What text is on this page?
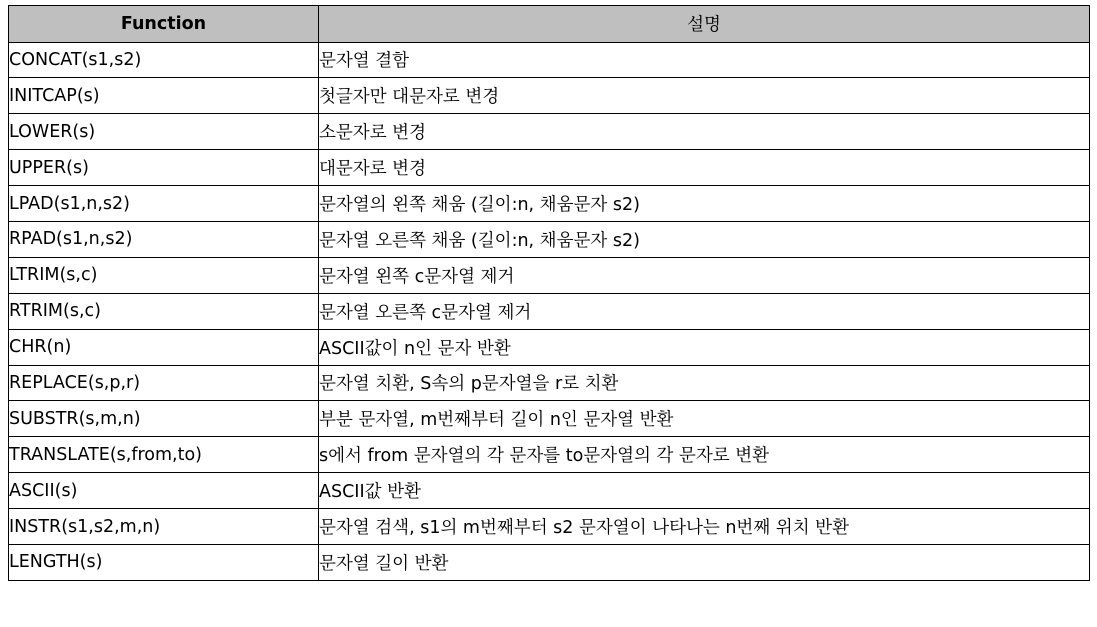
Function	설명
CONCAT(s1,s2)	문자열 결함
INITCAP(s)	첫글자만 대문자로 변경
LOWER(s)	소문자로 변경
UPPER(s)	대문자로 변경
LPAD(s1,n,s2)	문자열의 왼쪽 채움 (길이:n, 채움문자 s2)
RPAD(s1,n,s2)	문자열 오른쪽 채움 (길이:n, 채움문자 s2)
LTRIM(s,c)	문자열 왼쪽 c문자열 제거
RTRIM(s,c)	문자열 오른쪽 c문자열 제거
CHR(n)	ASCII값이 n인 문자 반환
REPLACE(s,p,r)	문자열 치환, S속의 p문자열을 r로 치환
SUBSTR(s,m,n)	부분 문자열, m번째부터 길이 n인 문자열 반환
TRANSLATE(s,from,to)	s에서 from 문자열의 각 문자를 to문자열의 각 문자로 변환
ASCII(s)	ASCII값 반환
INSTR(s1,s2,m,n)	문자열 검색, s1의 m번째부터 s2 문자열이 나타나는 n번째 위치 반환
LENGTH(s)	문자열 길이 반환
